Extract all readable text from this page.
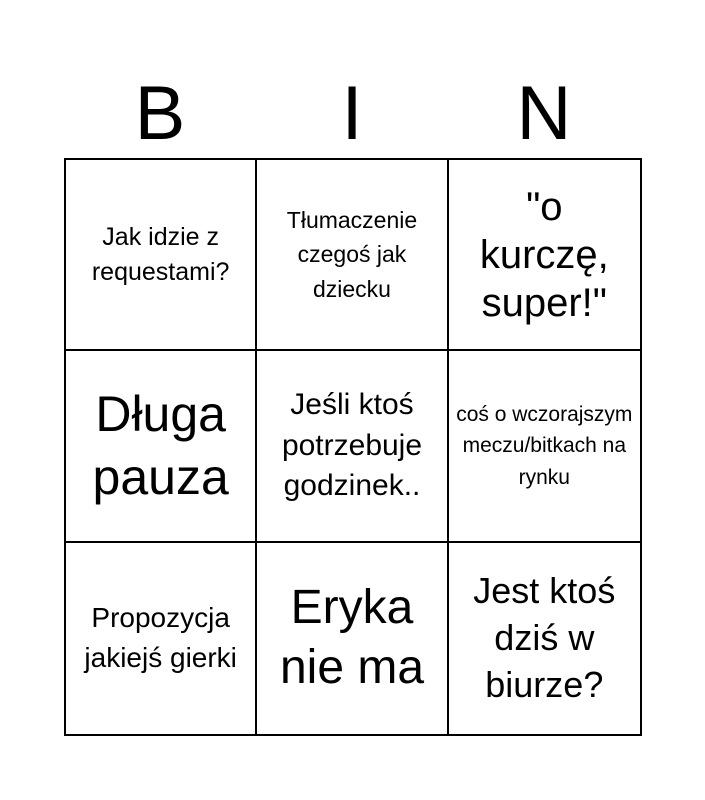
B	I	N
Jak idzie z requestami?
Tłumaczenie czegoś jak dziecku
"o kurczę, super!"
Długa pauza
Jeśli ktoś potrzebuje godzinek..
coś o wczorajszym meczu/bitkach na rynku
Propozycja jakiejś gierki
Eryka nie ma
Jest ktoś dziś w biurze?
